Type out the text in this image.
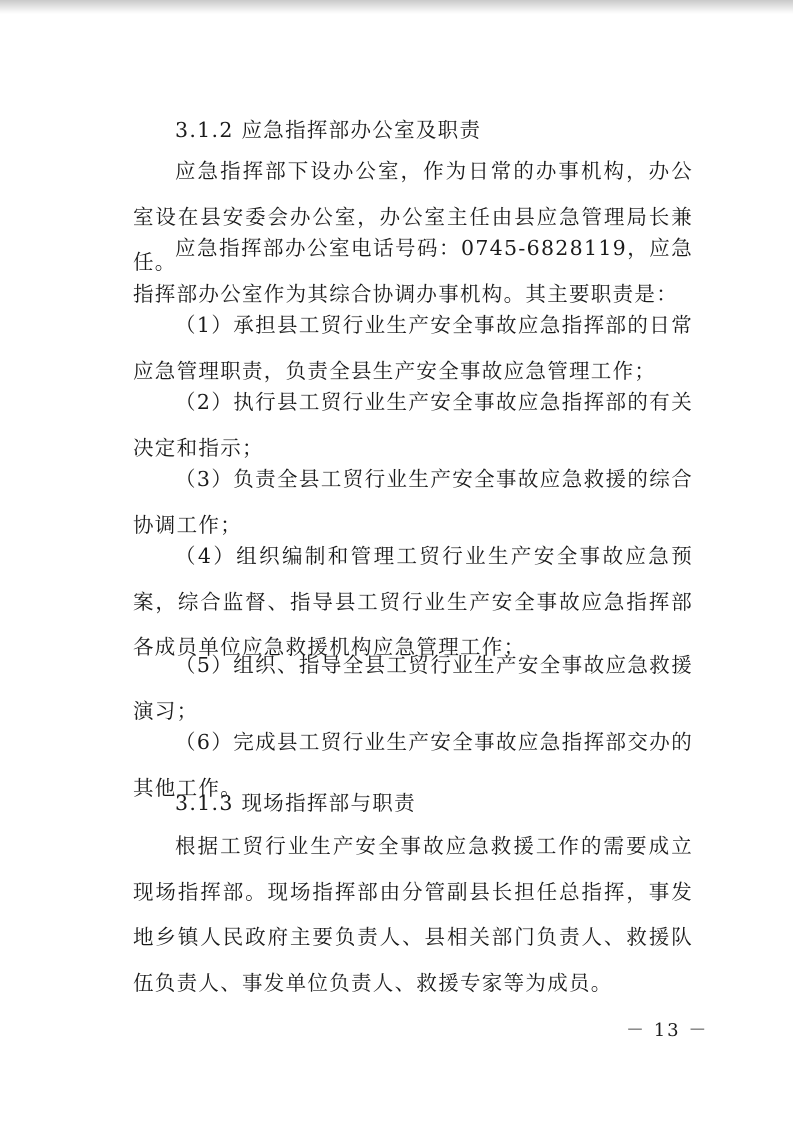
3.1.2 应急指挥部办公室及职责

应急指挥部下设办公室，作为日常的办事机构，办公室设在县安委会办公室，办公室主任由县应急管理局长兼任。

应急指挥部办公室电话号码：0745-6828119，应急指挥部办公室作为其综合协调办事机构。其主要职责是：

（1）承担县工贸行业生产安全事故应急指挥部的日常应急管理职责，负责全县生产安全事故应急管理工作；

（2）执行县工贸行业生产安全事故应急指挥部的有关决定和指示；

（3）负责全县工贸行业生产安全事故应急救援的综合协调工作；

（4）组织编制和管理工贸行业生产安全事故应急预案，综合监督、指导县工贸行业生产安全事故应急指挥部各成员单位应急救援机构应急管理工作；

（5）组织、指导全县工贸行业生产安全事故应急救援演习；

（6）完成县工贸行业生产安全事故应急指挥部交办的其他工作。

3.1.3 现场指挥部与职责

根据工贸行业生产安全事故应急救援工作的需要成立现场指挥部。现场指挥部由分管副县长担任总指挥，事发地乡镇人民政府主要负责人、县相关部门负责人、救援队伍负责人、事发单位负责人、救援专家等为成员。

－ 13 －
